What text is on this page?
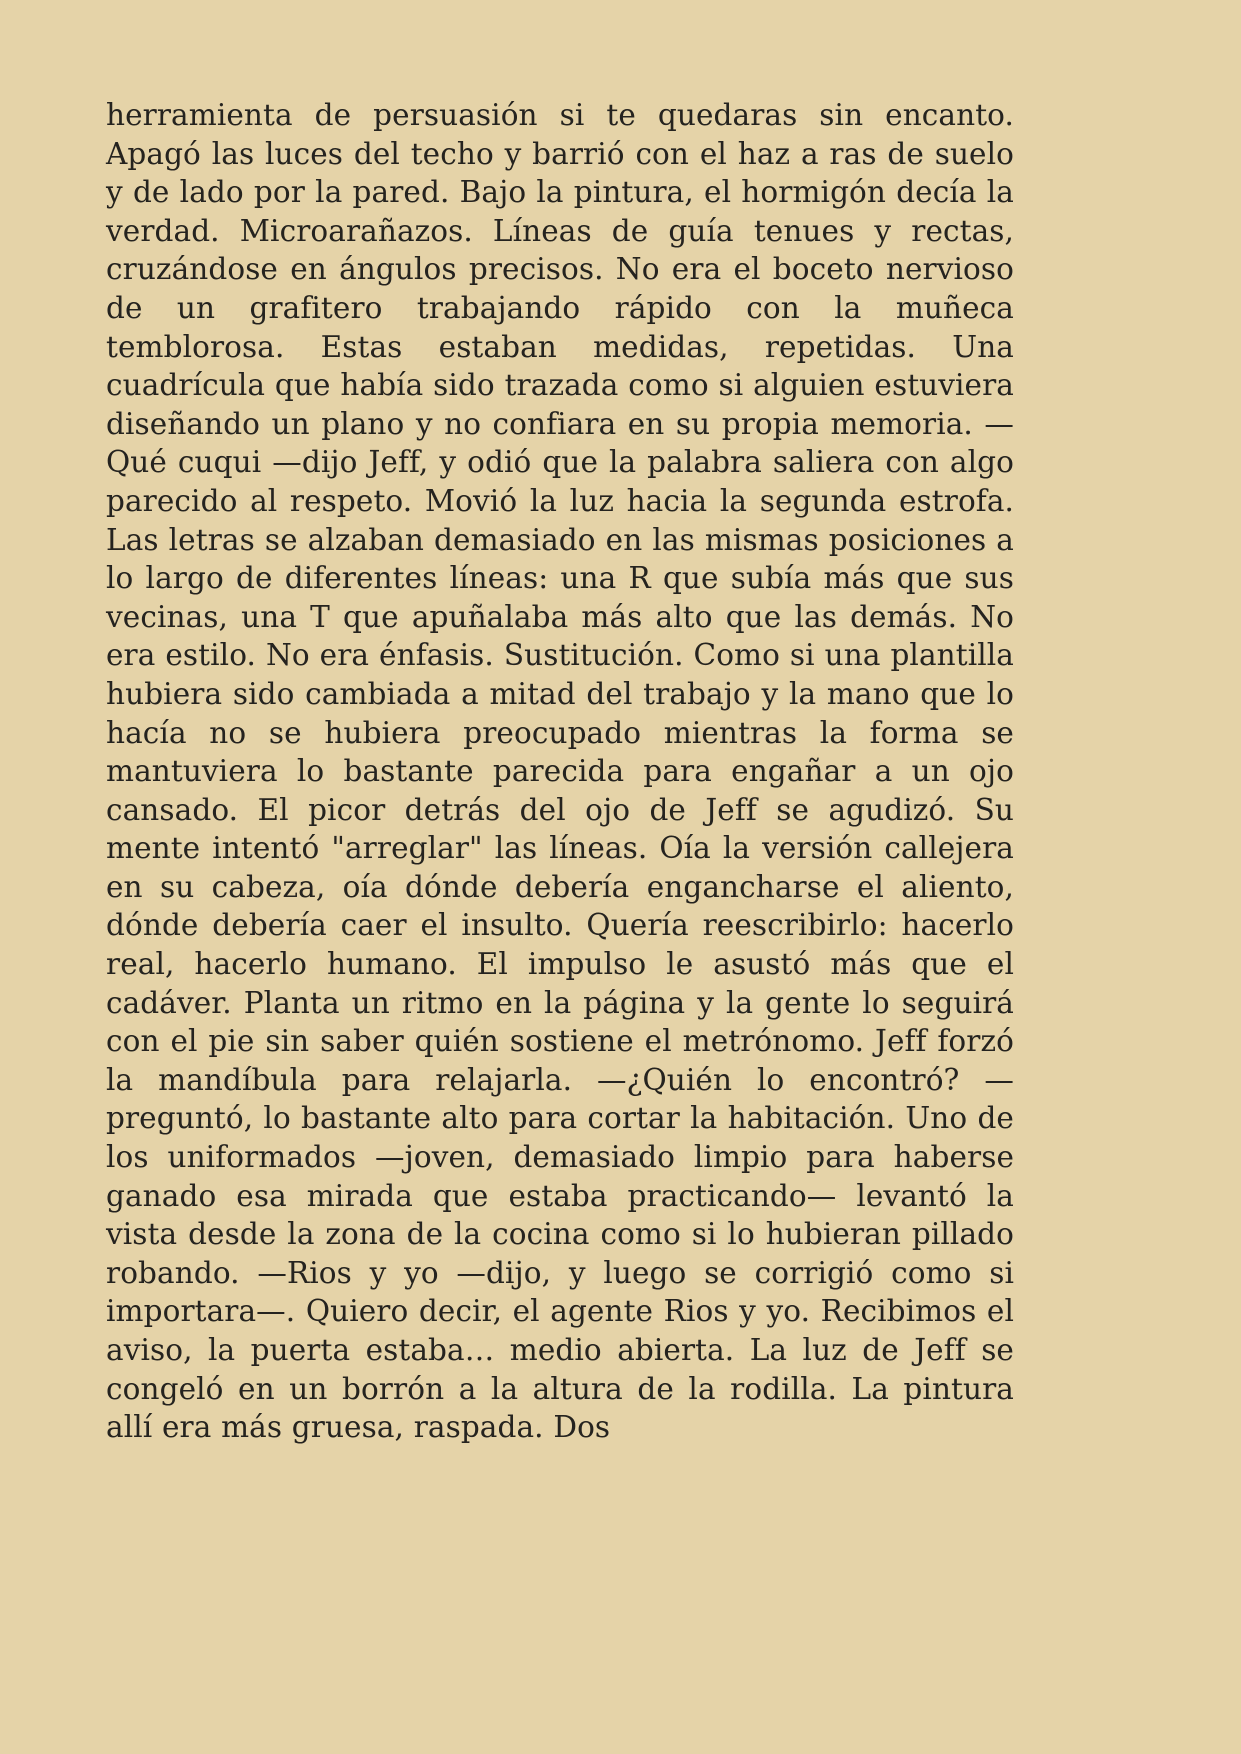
herramienta de persuasión si te quedaras sin encanto. Apagó las luces del techo y barrió con el haz a ras de suelo y de lado por la pared. Bajo la pintura, el hormigón decía la verdad. Microarañazos. Líneas de guía tenues y rectas, cruzándose en ángulos precisos. No era el boceto nervioso de un grafitero trabajando rápido con la muñeca temblorosa. Estas estaban medidas, repetidas. Una cuadrícula que había sido trazada como si alguien estuviera diseñando un plano y no confiara en su propia memoria. —Qué cuqui —dijo Jeff, y odió que la palabra saliera con algo parecido al respeto. Movió la luz hacia la segunda estrofa. Las letras se alzaban demasiado en las mismas posiciones a lo largo de diferentes líneas: una R que subía más que sus vecinas, una T que apuñalaba más alto que las demás. No era estilo. No era énfasis. Sustitución. Como si una plantilla hubiera sido cambiada a mitad del trabajo y la mano que lo hacía no se hubiera preocupado mientras la forma se mantuviera lo bastante parecida para engañar a un ojo cansado. El picor detrás del ojo de Jeff se agudizó. Su mente intentó "arreglar" las líneas. Oía la versión callejera en su cabeza, oía dónde debería engancharse el aliento, dónde debería caer el insulto. Quería reescribirlo: hacerlo real, hacerlo humano. El impulso le asustó más que el cadáver. Planta un ritmo en la página y la gente lo seguirá con el pie sin saber quién sostiene el metrónomo. Jeff forzó la mandíbula para relajarla. —¿Quién lo encontró? —preguntó, lo bastante alto para cortar la habitación. Uno de los uniformados —joven, demasiado limpio para haberse ganado esa mirada que estaba practicando— levantó la vista desde la zona de la cocina como si lo hubieran pillado robando. —Rios y yo —dijo, y luego se corrigió como si importara—. Quiero decir, el agente Rios y yo. Recibimos el aviso, la puerta estaba… medio abierta. La luz de Jeff se congeló en un borrón a la altura de la rodilla. La pintura allí era más gruesa, raspada. Dos
